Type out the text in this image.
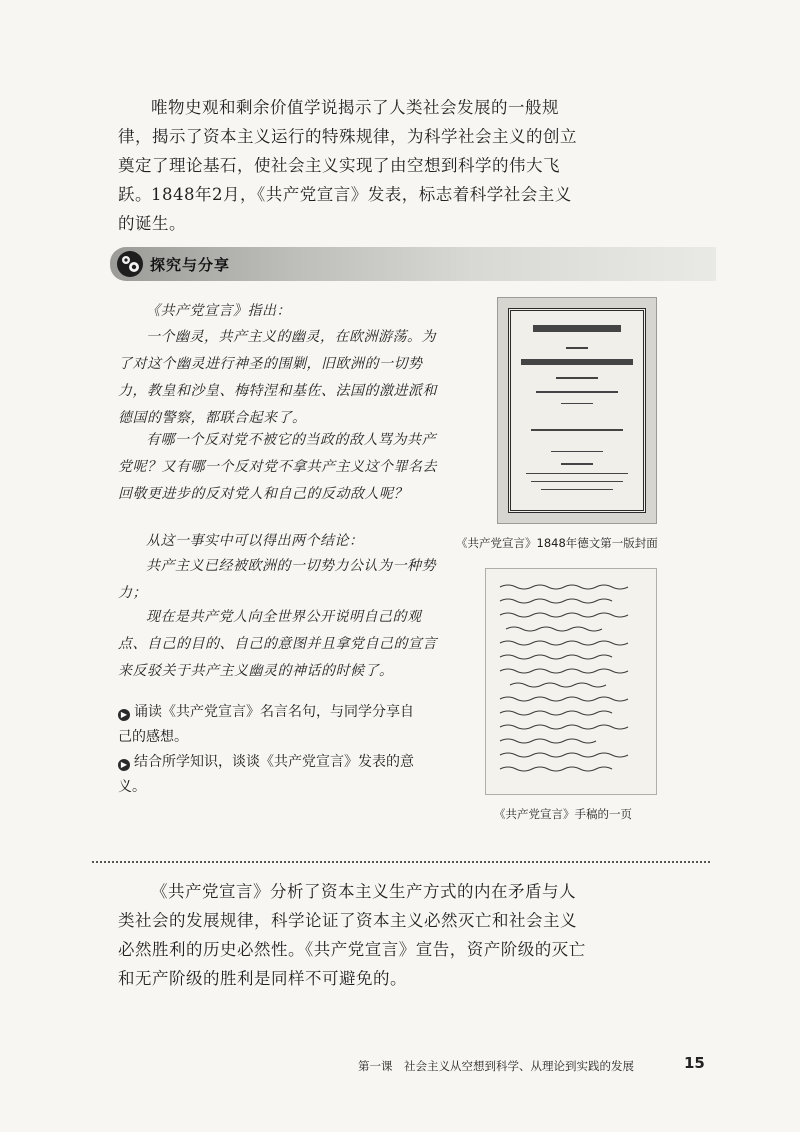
唯物史观和剩余价值学说揭示了人类社会发展的一般规律，揭示了资本主义运行的特殊规律，为科学社会主义的创立奠定了理论基石，使社会主义实现了由空想到科学的伟大飞跃。 1848年2月，《共产党宣言》发表，标志着科学社会主义的诞生。

探究与分享

《共产党宣言》指出：

一个幽灵，共产主义的幽灵，在欧洲游荡。为了对这个幽灵进行神圣的围剿，旧欧洲的一切势力，教皇和沙皇、梅特涅和基佐、法国的激进派和德国的警察，都联合起来了。

有哪一个反对党不被它的当政的敌人骂为共产党呢？又有哪一个反对党不拿共产主义这个罪名去回敬更进步的反对党人和自己的反动敌人呢？

从这一事实中可以得出两个结论：

共产主义已经被欧洲的一切势力公认为一种势力；

现在是共产党人向全世界公开说明自己的观点、自己的目的、自己的意图并且拿党自己的宣言来反驳关于共产主义幽灵的神话的时候了。

▶ 诵读《共产党宣言》名言名句，与同学分享自己的感想。

▶ 结合所学知识，谈谈《共产党宣言》发表的意义。

《共产党宣言》1848年德文第一版封面

《共产党宣言》手稿的一页

《共产党宣言》分析了资本主义生产方式的内在矛盾与人类社会的发展规律，科学论证了资本主义必然灭亡和社会主义必然胜利的历史必然性。《共产党宣言》宣告，资产阶级的灭亡和无产阶级的胜利是同样不可避免的。

第一课　社会主义从空想到科学、从理论到实践的发展	15
